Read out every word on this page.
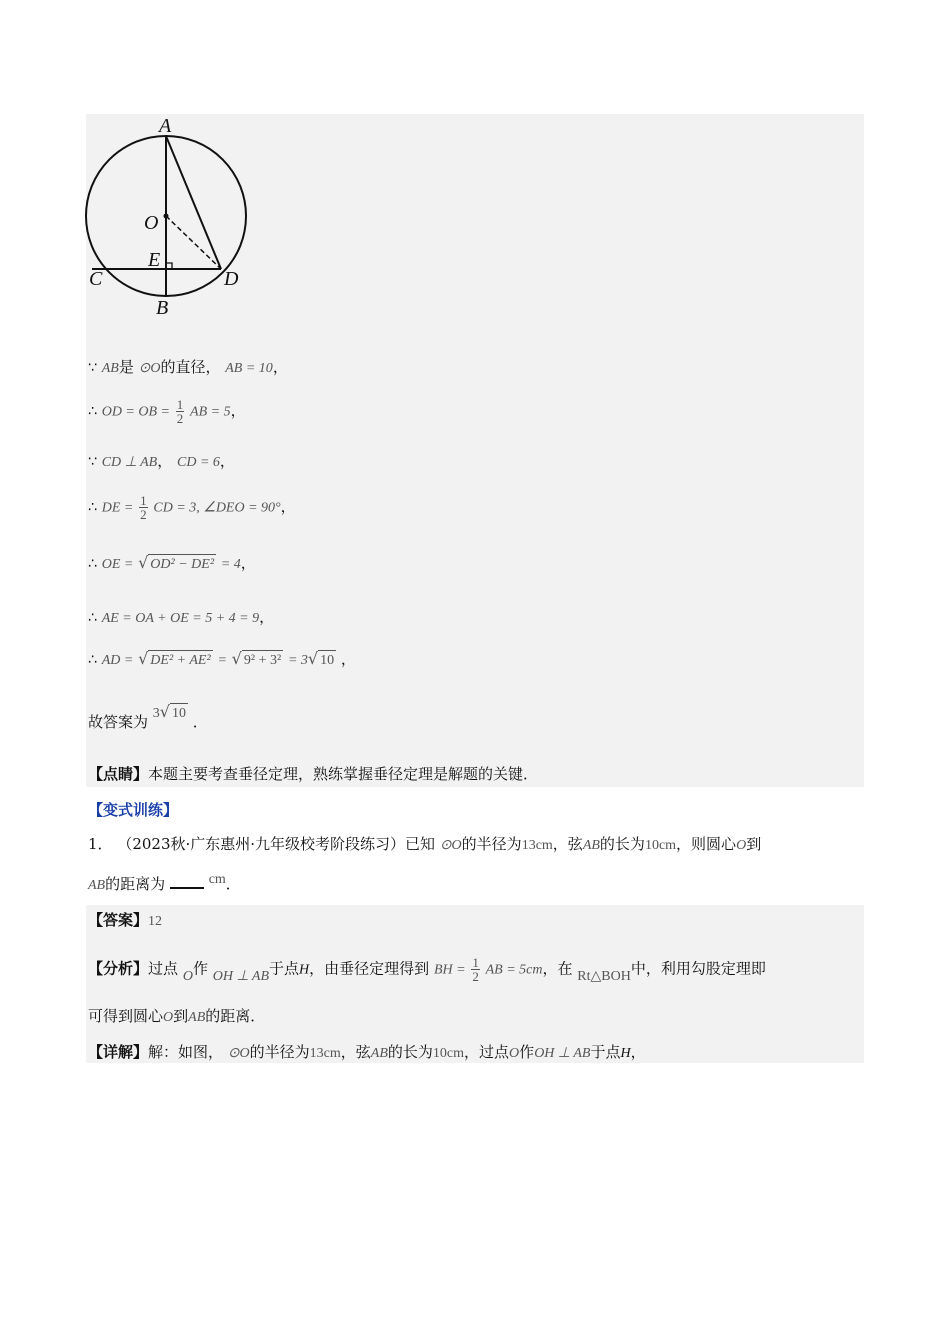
A
O
E
C	D
B
∵ AB是 ⊙O的直径， AB = 10，
∴ OD = OB = $\frac{1}{2}$ AB = 5，
∵ CD ⊥ AB， CD = 6，
∴ DE = $\frac{1}{2}$ CD = 3, ∠DEO = 90°，
∴ OE = √ OD² − DE² = 4，
∴ AE = OA + OE = 5 + 4 = 9，
∴ AD = √ DE² + AE² = √ 9² + 3² = 3√ 10 ，
故答案为 3√ 10 ．
【点睛】本题主要考查垂径定理，熟练掌握垂径定理是解题的关键．
【变式训练】
1． （2023秋·广东惠州·九年级校考阶段练习）已知 ⊙O的半径为13cm，弦AB的长为10cm，则圆心O到
AB的距离为	cm．
【答案】12
【分析】过点 O作 OH ⊥ AB于点H，由垂径定理得到 BH = $\frac{1}{2}$ AB = 5cm，在 Rt△BOH中，利用勾股定理即
可得到圆心O到AB的距离．
【详解】解：如图， ⊙O的半径为13cm，弦AB的长为10cm，过点O作OH ⊥ AB于点H，
